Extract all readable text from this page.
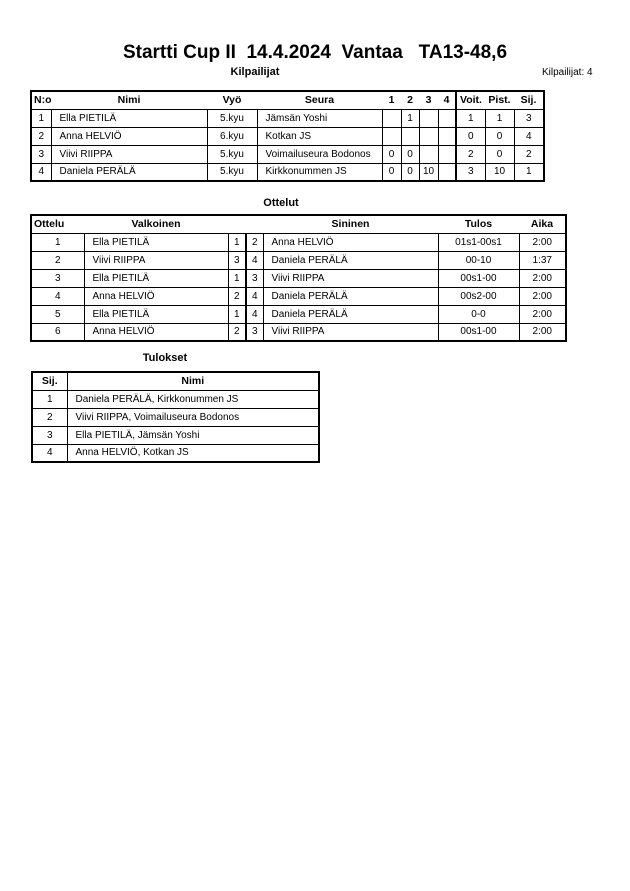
Startti Cup II  14.4.2024  Vantaa   TA13-48,6
Kilpailijat	Kilpailijat: 4
N:o	Nimi	Vyö	Seura	1	2	3	4	Voit.	Pist.	Sij.
1	Ella PIETILÄ	5.kyu	Jämsän Yoshi		1			1	1	3
2	Anna HELVIÖ	6.kyu	Kotkan JS					0	0	4
3	Viivi RIIPPA	5.kyu	Voimailuseura Bodonos	0	0			2	0	2
4	Daniela PERÄLÄ	5.kyu	Kirkkonummen JS	0	0	10		3	10	1
Ottelut
Ottelu	Valkoinen			Sininen	Tulos	Aika
1	Ella PIETILÄ	1	2	Anna HELVIÖ	01s1-00s1	2:00
2	Viivi RIIPPA	3	4	Daniela PERÄLÄ	00-10	1:37
3	Ella PIETILÄ	1	3	Viivi RIIPPA	00s1-00	2:00
4	Anna HELVIÖ	2	4	Daniela PERÄLÄ	00s2-00	2:00
5	Ella PIETILÄ	1	4	Daniela PERÄLÄ	0-0	2:00
6	Anna HELVIÖ	2	3	Viivi RIIPPA	00s1-00	2:00
Tulokset
Sij.	Nimi
1	Daniela PERÄLÄ, Kirkkonummen JS
2	Viivi RIIPPA, Voimailuseura Bodonos
3	Ella PIETILÄ, Jämsän Yoshi
4	Anna HELVIÖ, Kotkan JS
